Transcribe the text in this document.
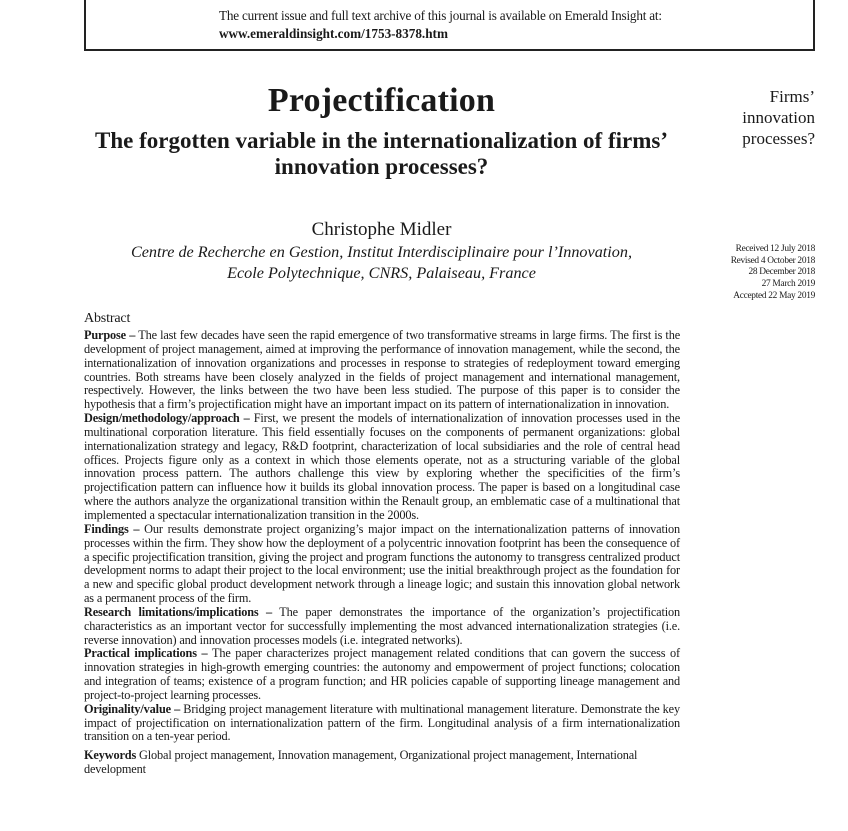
The current issue and full text archive of this journal is available on Emerald Insight at:
www.emeraldinsight.com/1753-8378.htm
Projectification
The forgotten variable in the internationalization of firms’ innovation processes?
Christophe Midler
Centre de Recherche en Gestion, Institut Interdisciplinaire pour l’Innovation,
Ecole Polytechnique, CNRS, Palaiseau, France
Firms’ innovation processes?
Received 12 July 2018
Revised 4 October 2018
28 December 2018
27 March 2019
Accepted 22 May 2019
Abstract

Purpose – The last few decades have seen the rapid emergence of two transformative streams in large firms. The first is the development of project management, aimed at improving the performance of innovation management, while the second, the internationalization of innovation organizations and processes in response to strategies of redeployment toward emerging countries. Both streams have been closely analyzed in the fields of project management and international management, respectively. However, the links between the two have been less studied. The purpose of this paper is to consider the hypothesis that a firm’s projectification might have an important impact on its pattern of internationalization in innovation.

Design/methodology/approach – First, we present the models of internationalization of innovation processes used in the multinational corporation literature. This field essentially focuses on the components of permanent organizations: global internationalization strategy and legacy, R&D footprint, characterization of local subsidiaries and the role of central head offices. Projects figure only as a context in which those elements operate, not as a structuring variable of the global innovation process pattern. The authors challenge this view by exploring whether the specificities of the firm’s projectification pattern can influence how it builds its global innovation process. The paper is based on a longitudinal case where the authors analyze the organizational transition within the Renault group, an emblematic case of a multinational that implemented a spectacular internationalization transition in the 2000s.

Findings – Our results demonstrate project organizing’s major impact on the internationalization patterns of innovation processes within the firm. They show how the deployment of a polycentric innovation footprint has been the consequence of a specific projectification transition, giving the project and program functions the autonomy to transgress centralized product development norms to adapt their project to the local environment; use the initial breakthrough project as the foundation for a new and specific global product development network through a lineage logic; and sustain this innovation global network as a permanent process of the firm.

Research limitations/implications – The paper demonstrates the importance of the organization’s projectification characteristics as an important vector for successfully implementing the most advanced internationalization strategies (i.e. reverse innovation) and innovation processes models (i.e. integrated networks).

Practical implications – The paper characterizes project management related conditions that can govern the success of innovation strategies in high-growth emerging countries: the autonomy and empowerment of project functions; colocation and integration of teams; existence of a program function; and HR policies capable of supporting lineage management and project-to-project learning processes.

Originality/value – Bridging project management literature with multinational management literature. Demonstrate the key impact of projectification on internationalization pattern of the firm. Longitudinal analysis of a firm internationalization transition on a ten-year period.

Keywords Global project management, Innovation management, Organizational project management, International development
